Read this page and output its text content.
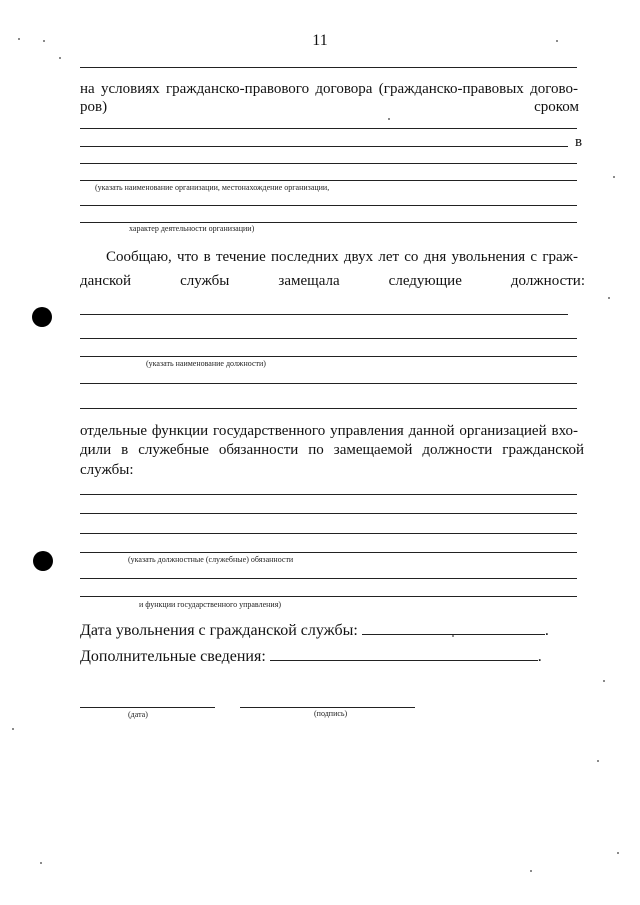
11
на условиях гражданско-правового договора (гражданско-правовых догово-
ров)	сроком
в
(указать наименование организации, местонахождение организации,
характер деятельности организации)
Сообщаю, что в течение последних двух лет со дня увольнения с граж-
данской	службы	замещала	следующие	должности:
(указать наименование должности)
отдельные функции государственного управления данной организацией вхо-
дили в служебные обязанности по замещаемой должности гражданской
службы:
(указать должностные (служебные) обязанности
и функции государственного управления)
Дата увольнения с гражданской службы:	.
Дополнительные сведения:	.
(дата)	(подпись)
